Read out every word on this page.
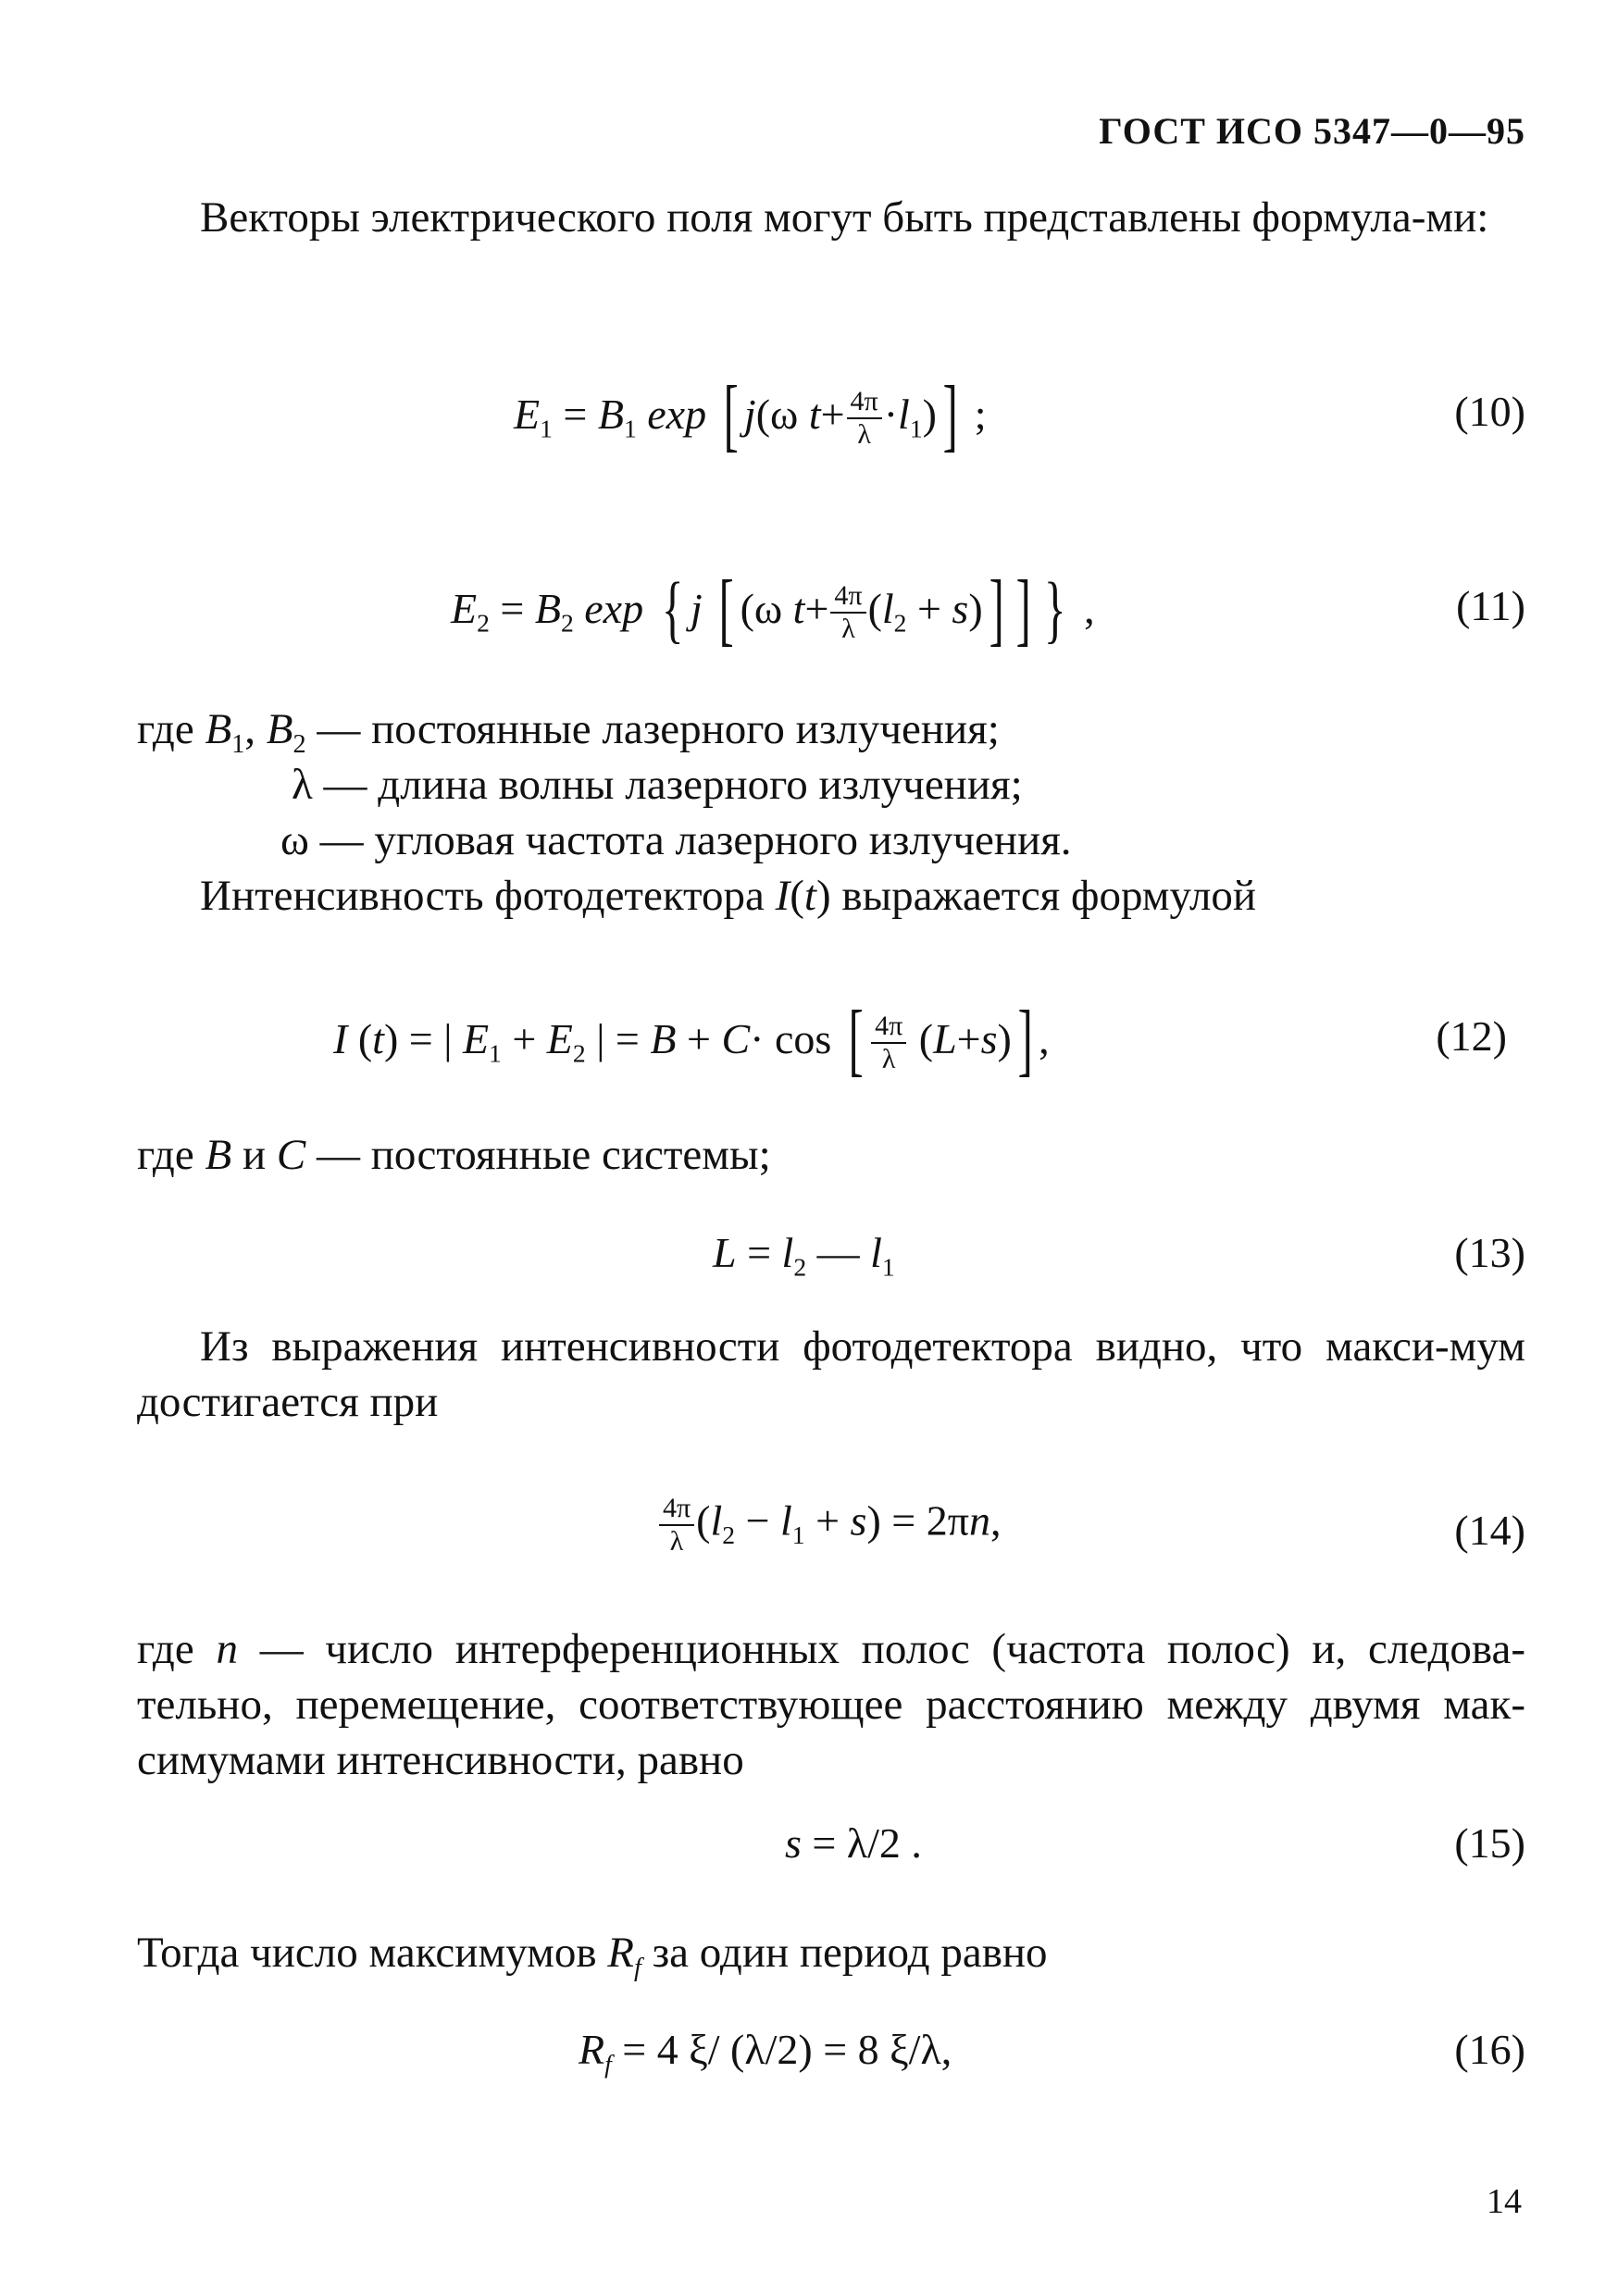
ГОСТ ИСО 5347—0—95

Векторы электрического поля могут быть представлены формула-ми:

$E_1 = B_1$ exp [ j(ω $t+ \frac{4\pi}{\lambda} \cdot l_1$)] ;	(10)
$E_2 = B_2$ exp { j [ (ω $t+ \frac{4\pi}{\lambda} (l_2 + s)$] ] } ,	(11)
где $B_1$, $B_2$ — постоянные лазерного излучения;
λ — длина волны лазерного излучения;
ω — угловая частота лазерного излучения.
Интенсивность фотодетектора I(t) выражается формулой
I (t) = | $E_1 + E_2$ | = B + C· cos [ $\frac{4\pi}{\lambda} (L+s)$] ,	(12)
где B и C — постоянные системы;
$L = l_2$ — $l_1$	(13)

Из выражения интенсивности фотодетектора видно, что макси-мум достигается при

$\frac{4\pi}{\lambda} (l_2 - l_1 + s) = 2\pi n$,	(14)

где n — число интерференционных полос (частота полос) и, следова-тельно, перемещение, соответствующее расстоянию между двумя мак-симумами интенсивности, равно

s = λ/2 .	(15)
Тогда число максимумов $R_f$ за один период равно
$R_f = 4$ ξ/ (λ/2) = 8 ξ/λ,	(16)
14
